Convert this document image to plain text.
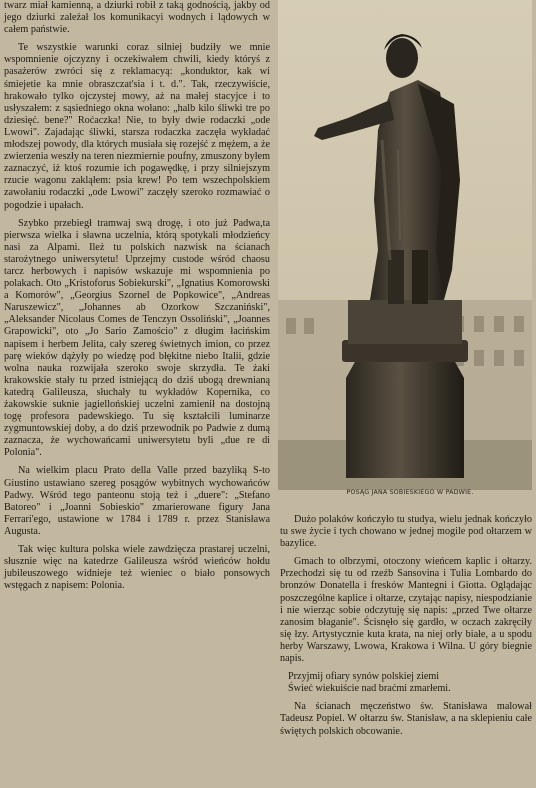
twarz miał kamienną, a dziurki robił z taką godnością, jakby od jego dziurki zależał los komunikacyi wodnych i lądowych w całem państwie.

Te wszystkie warunki coraz silniej budziły we mnie wspomnienie ojczyzny i oczekiwałem chwili, kiedy któryś z pasażerów zwróci się z reklamacyą: „konduktor, kak wi śmiejetie ka mnie obraszczat'sia i t. d.". Tak, rzeczywiście, hrakowało tylko ojczystej mowy, aż na małej stacyjce i to usłyszałem: z sąsiedniego okna wołano: „halb kilo śliwki tre po dziesięć. bene?" Roćaczka! Nie, to były dwie rodaczki „ode Lwowi". Zajadając śliwki, starsza rodaczka zaczęła wykładać młodszej powody, dla których musiała się rozejść z mężem, a że zwierzenia weszły na teren niezmiernie poufny, zmuszony byłem zaznaczyć, iż ktoś rozumie ich pogawędkę, i przy silniejszym rzucie wagonu zakląłem: psia krew! Po tem wszechpolskiem zawołaniu rodaczki „ode Lwowi" zaczęły szeroko rozmawiać o pogodzie i upałach.

Szybko przebiegł tramwaj swą drogę, i oto już Padwa,ta pierwsza wielka i sławna uczelnia, którą spotykali młodzieńcy nasi za Alpami. Ileż tu polskich nazwisk na ścianach starożytnego uniwersytetu! Uprzejmy custode wśród chaosu tarcz herbowych i napisów wskazuje mi wspomnienia po polakach. Oto „Kristoforus Sobiekurski", „Ignatius Komorowski a Komorów", „Georgius Szornel de Popkowice", „Andreas Naruszewicz", „Johannes ab Ozorkow Szczaniński", „Aleksander Nicolaus Comes de Tenczyn Ossoliński", „Joannes Grapowicki", oto „Jo Sario Zamościo" z długim łacińskim napisem i herbem Jelita, cały szereg świetnych imion, co przez parę wieków dążyły po wiedzę pod błękitne niebo Italii, gdzie wolna nauka rozwijała szeroko swoje skrzydła. Te żaki krakowskie stały tu przed istniejącą do dziś ubogą drewnianą katedrą Galileusza, słuchały tu wykładów Kopernika, co żakowskie suknie jagiellońskiej uczelni zamienił na dostojną togę profesora padewskiego. Tu się kształcili luminarze zygmuntowskiej doby, a do dziś przewodnik po Padwie z dumą zaznacza, że wychowańcami uniwersytetu byli „due re di Polonia".

Na wielkim placu Prato della Valle przed bazyliką S-to Giustino ustawiano szereg posągów wybitnych wychowańców Padwy. Wśród tego panteonu stoją też i „duere": „Stefano Batoreo" i „Joanni Sobieskio" zmarierowane figury Jana Ferrari'ego, ustawione w 1784 i 1789 r. przez Stanisława Augusta.

Tak więc kultura polska wiele zawdzięcza prastarej uczelni, słusznie więc na katedrze Galileusza wśród wieńców hołdu jubileuszowego widnieje też wieniec o biało ponsowych wstęgach z napisem: Polonia.

POSĄG JANA SOBIESKIEGO W PADWIE.

Dużo polaków kończyło tu studya, wielu jednak kończyło tu swe życie i tych chowano w jednej mogile pod ołtarzem w bazylice.

Gmach to olbrzymi, otoczony wieńcem kaplic i ołtarzy. Przechodzi się tu od rzeźb Sansovina i Tulia Lombardo do bronzów Donatella i fresków Mantegni i Giotta. Oglądając poszczególne kaplice i ołtarze, czytając napisy, niespodzianie i nie wierząc sobie odczytuję się napis: „przed Twe ołtarze zanosim błaganie". Ścisnęło się gardło, w oczach zakręciły się łzy. Artystycznie kuta krata, na niej orły białe, a u spodu herby Warszawy, Lwowa, Krakowa i Wilna. U góry biegnie napis.

Przyjmij ofiary synów polskiej ziemi
Świeć wiekuiście nad braćmi zmarłemi.

Na ścianach męczeństwo św. Stanisława malował Tadeusz Popiel. W ołtarzu św. Stanisław, a na sklepieniu całe świętych polskich obcowanie.
